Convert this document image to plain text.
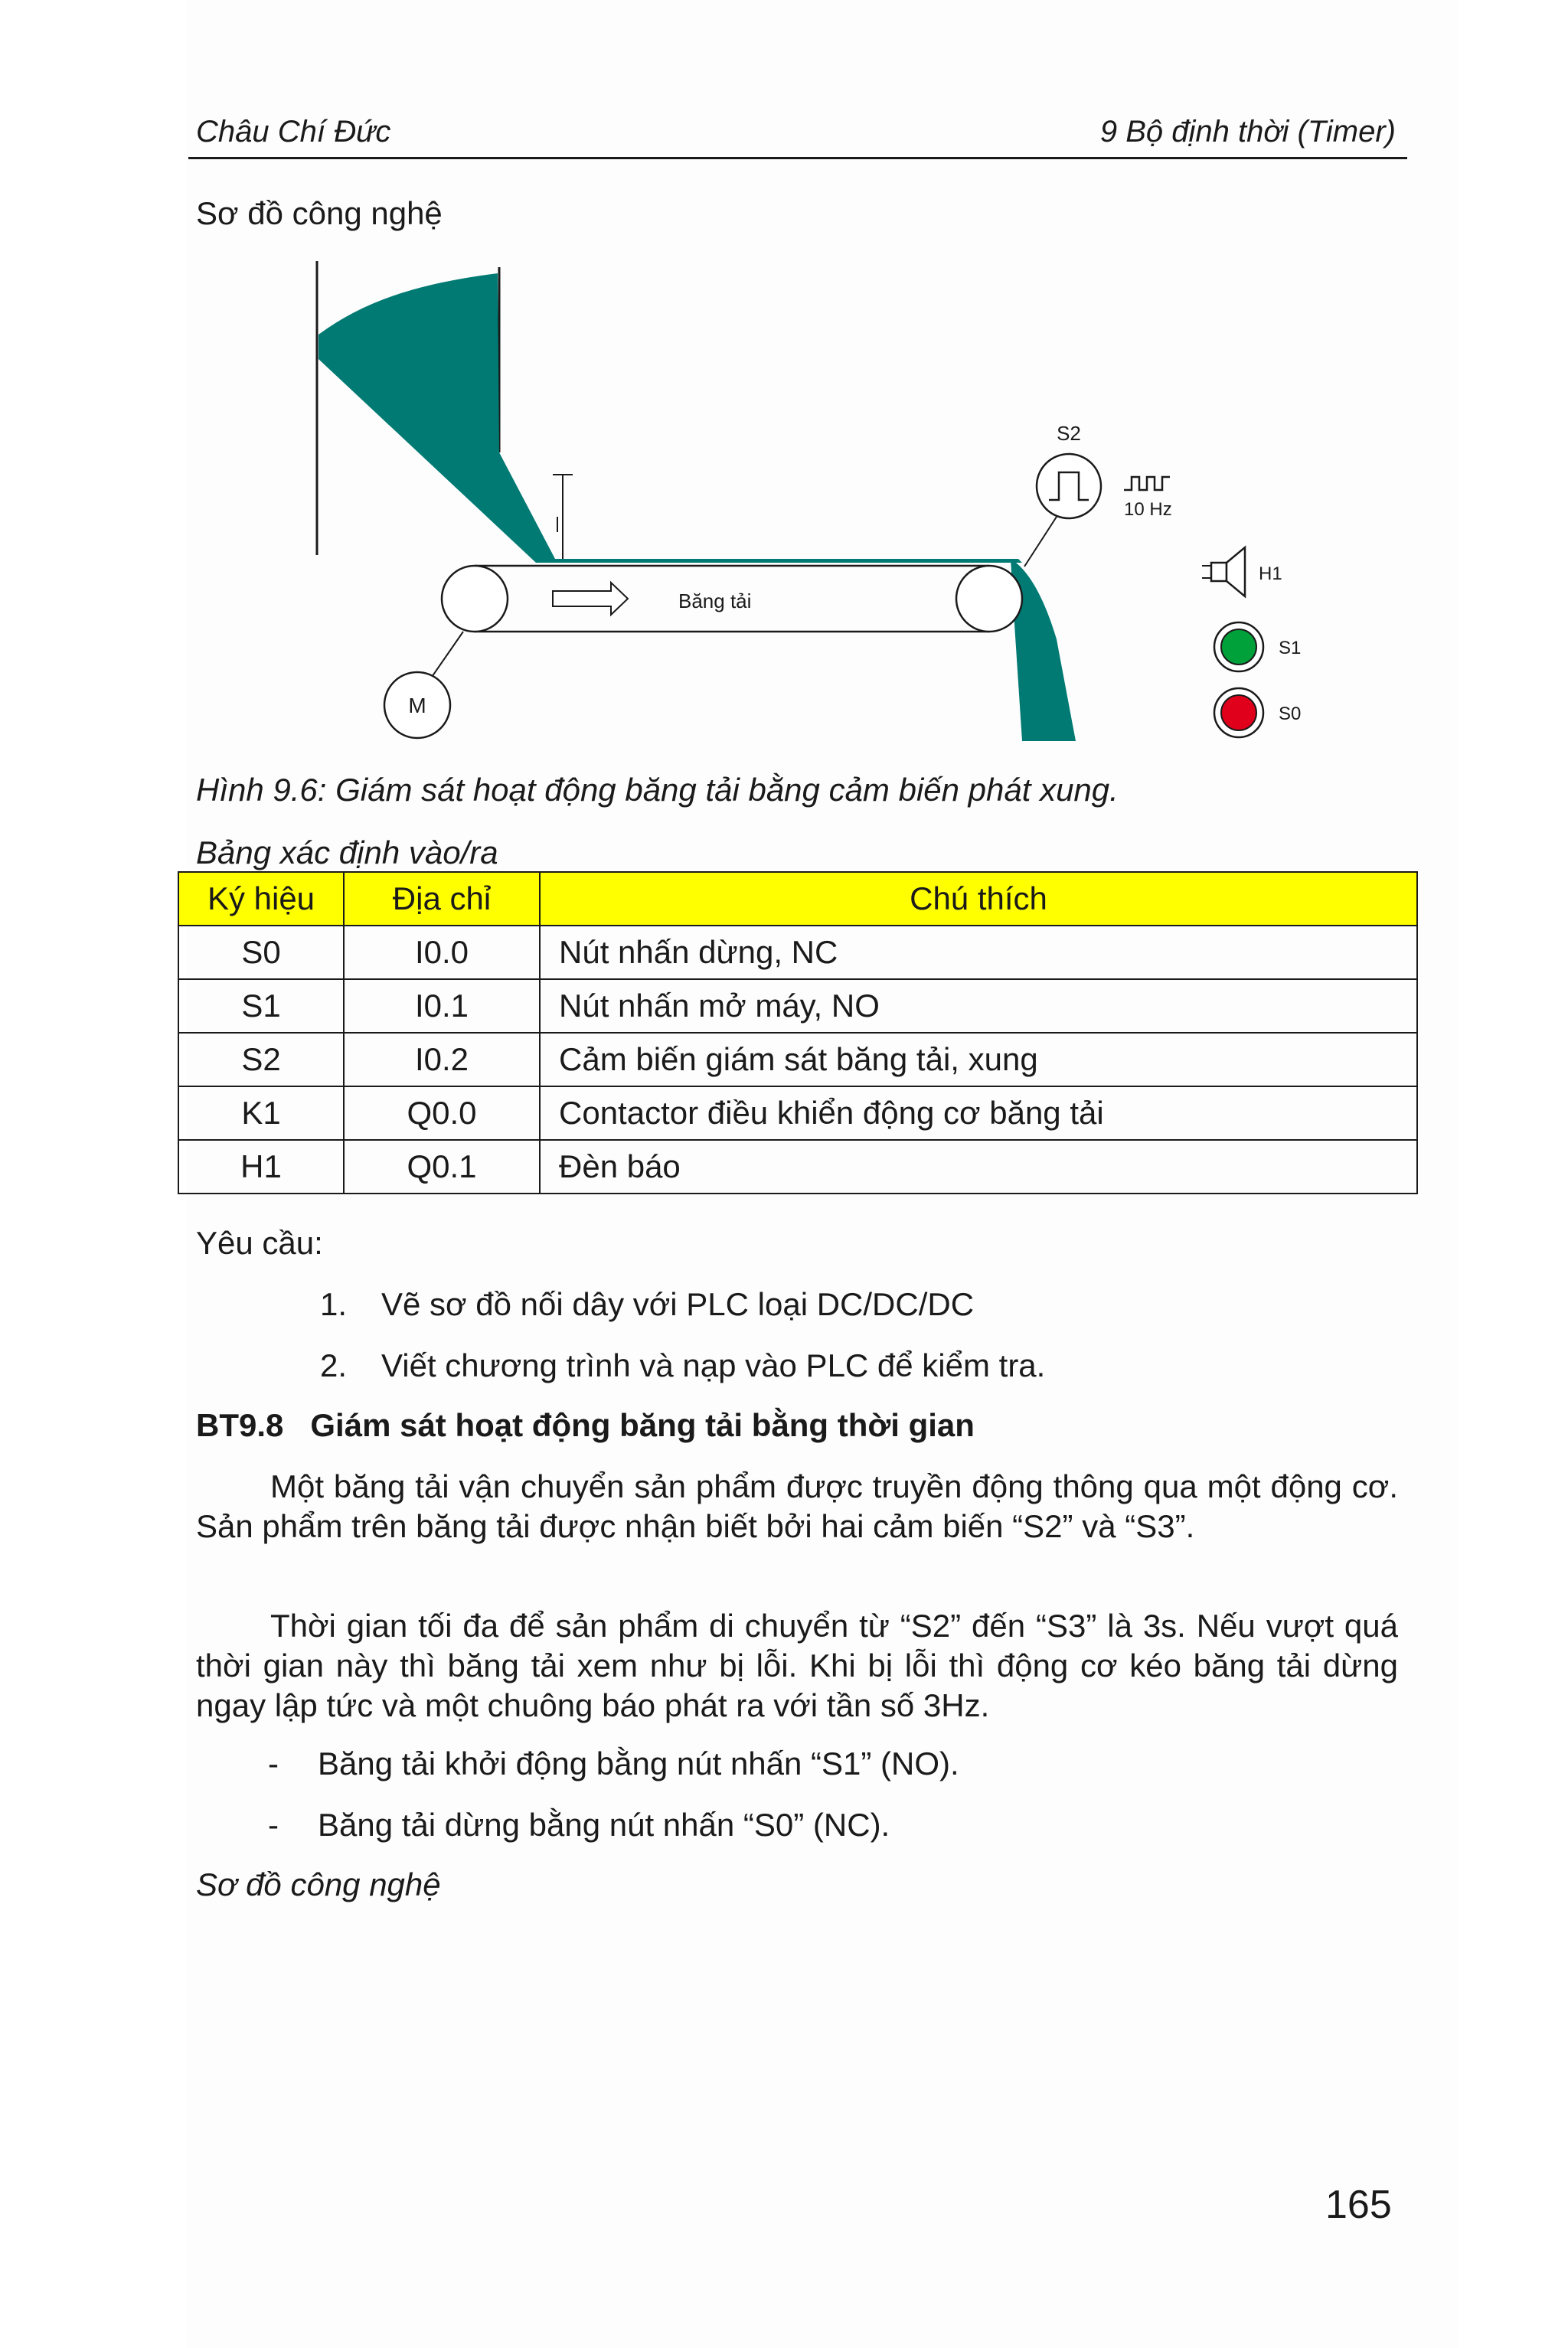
Châu Chí Đức	9 Bộ định thời (Timer)
Sơ đồ công nghệ
Băng tải
M
S2
10 Hz
H1
S1
S0
Hình 9.6: Giám sát hoạt động băng tải bằng cảm biến phát xung.
Bảng xác định vào/ra
Ký hiệu	Địa chỉ	Chú thích
S0	I0.0	Nút nhấn dừng, NC
S1	I0.1	Nút nhấn mở máy, NO
S2	I0.2	Cảm biến giám sát băng tải, xung
K1	Q0.0	Contactor điều khiển động cơ băng tải
H1	Q0.1	Đèn báo
Yêu cầu:
1. Vẽ sơ đồ nối dây với PLC loại DC/DC/DC
2. Viết chương trình và nạp vào PLC để kiểm tra.
BT9.8   Giám sát hoạt động băng tải bằng thời gian
Một băng tải vận chuyển sản phẩm được truyền động thông qua một động cơ. Sản phẩm trên băng tải được nhận biết bởi hai cảm biến “S2” và “S3”.
Thời gian tối đa để sản phẩm di chuyển từ “S2” đến “S3” là 3s. Nếu vượt quá thời gian này thì băng tải xem như bị lỗi. Khi bị lỗi thì động cơ kéo băng tải dừng ngay lập tức và một chuông báo phát ra với tần số 3Hz.
- Băng tải khởi động bằng nút nhấn “S1” (NO).
- Băng tải dừng bằng nút nhấn “S0” (NC).
Sơ đồ công nghệ
165
